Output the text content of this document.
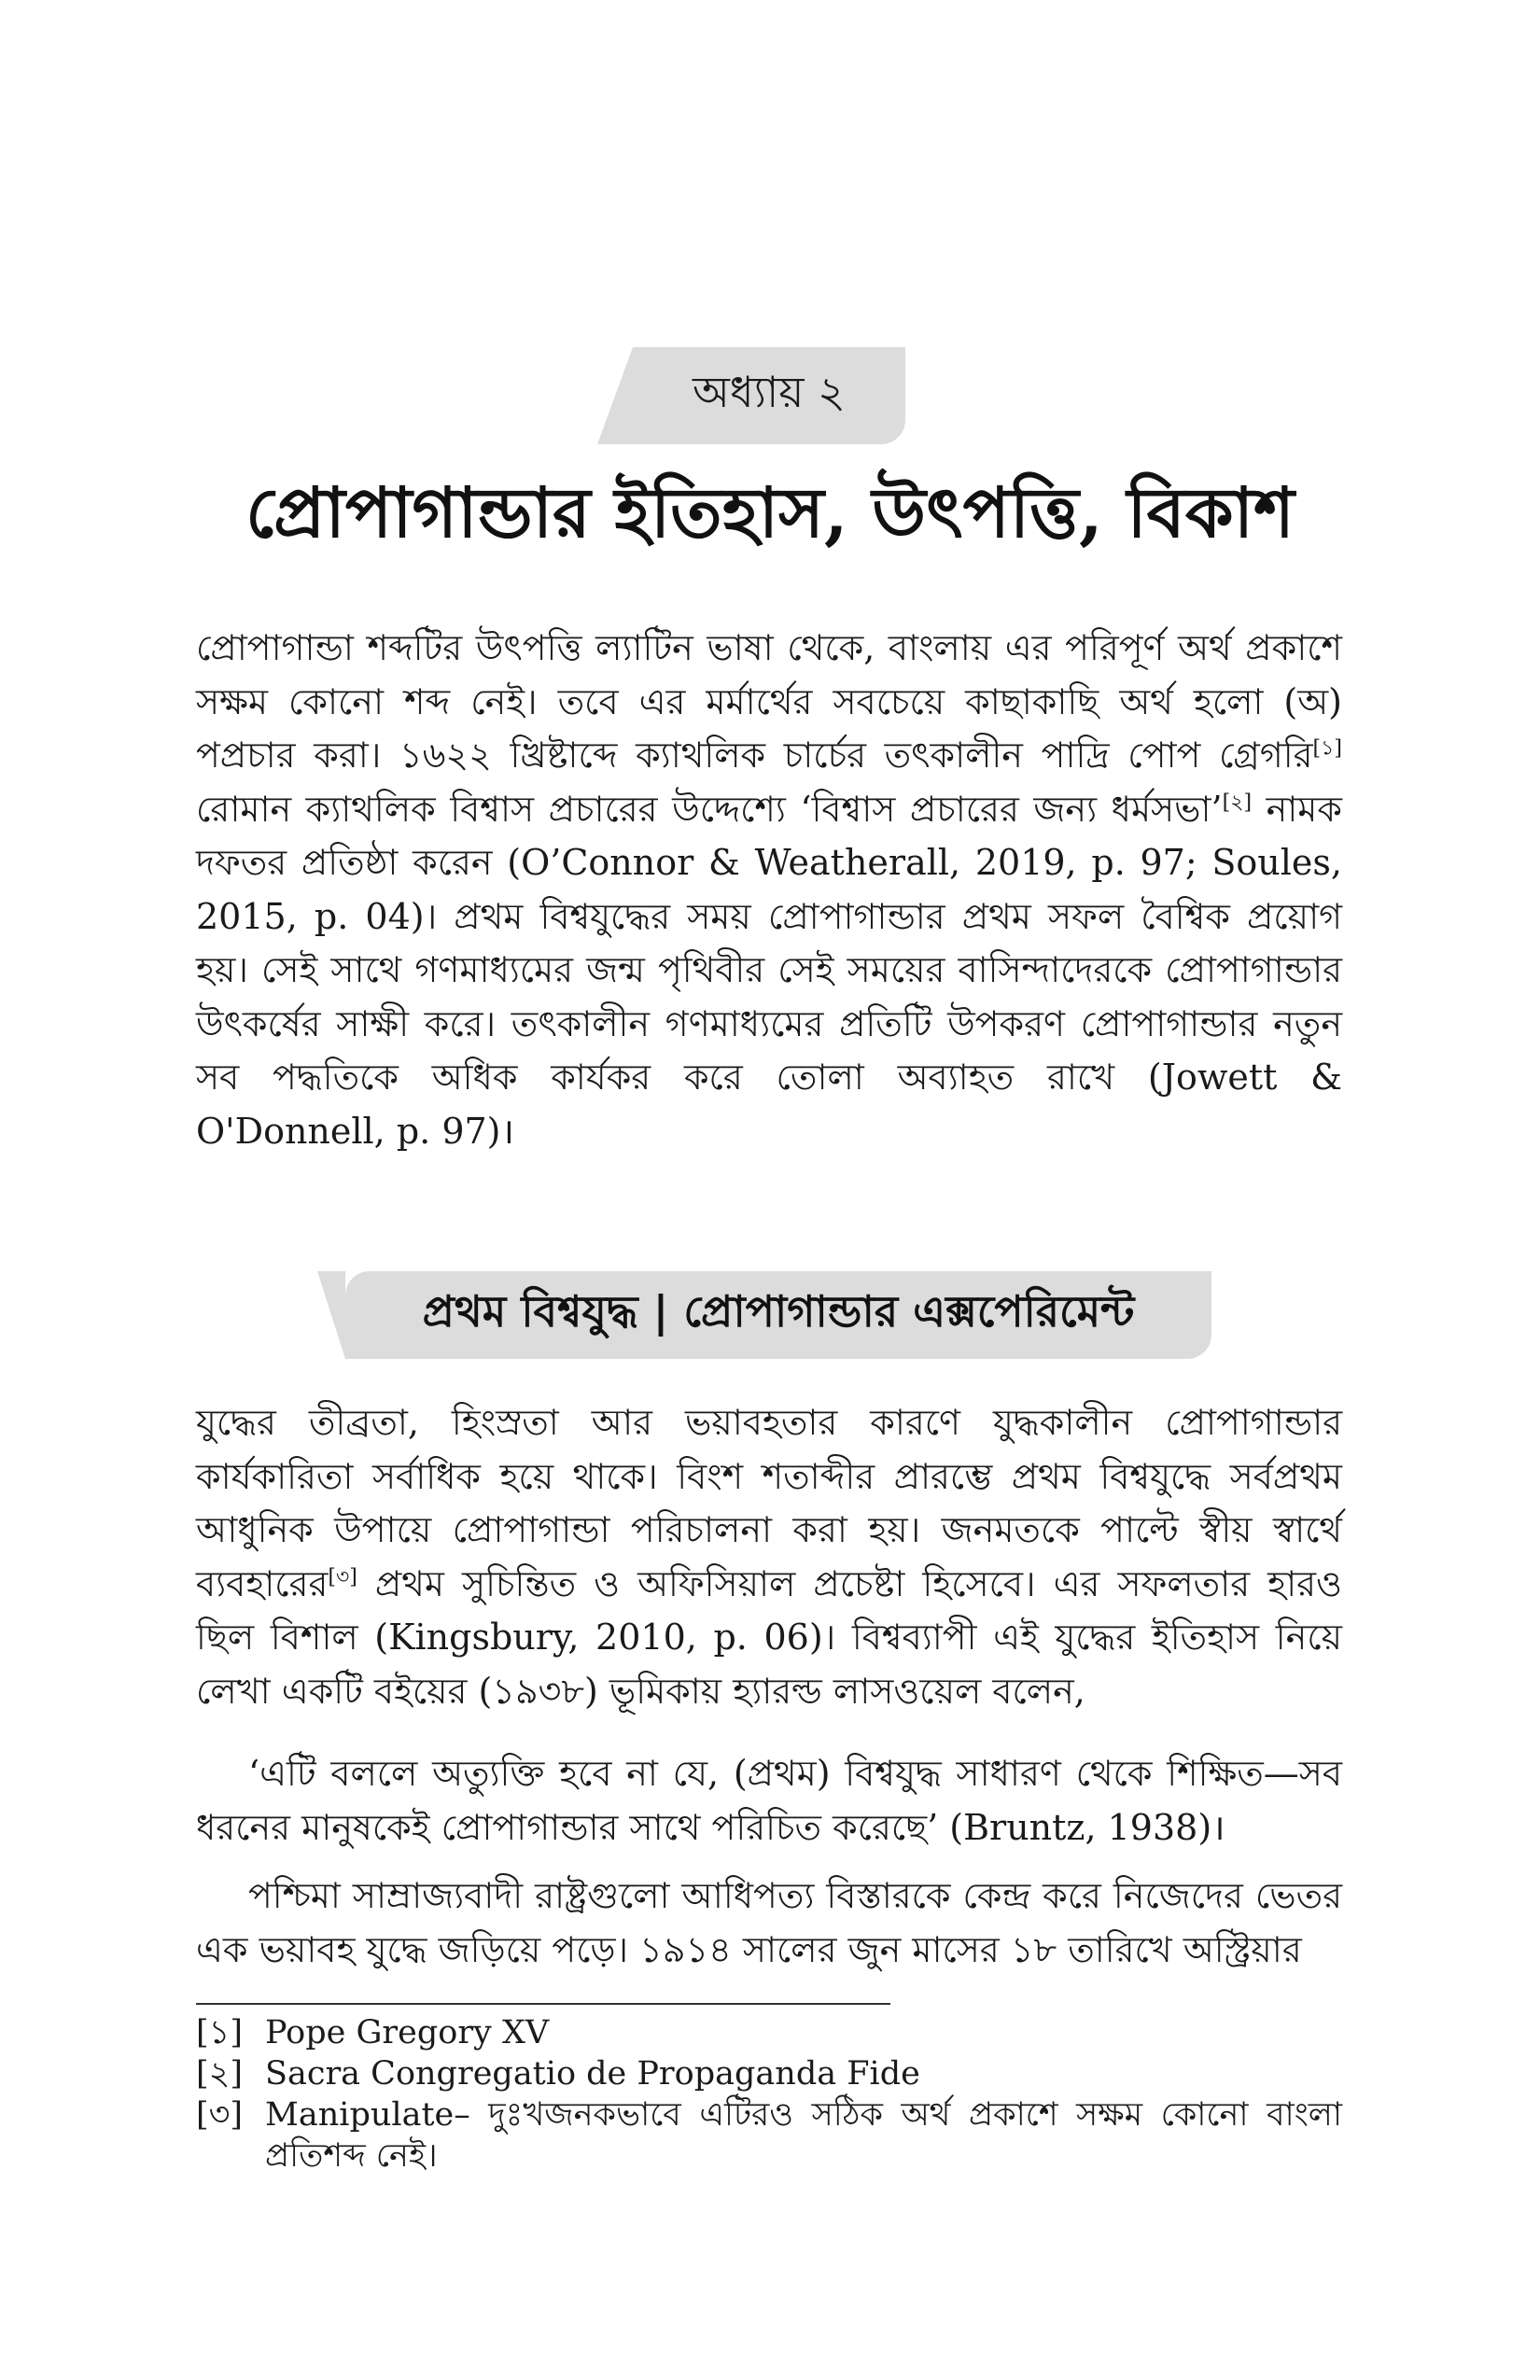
অধ্যায় ২
প্রোপাগান্ডার ইতিহাস, উৎপত্তি, বিকাশ

প্রোপাগান্ডা শব্দটির উৎপত্তি ল্যাটিন ভাষা থেকে, বাংলায় এর পরিপূর্ণ অর্থ প্রকাশে সক্ষম কোনো শব্দ নেই। তবে এর মর্মার্থের সবচেয়ে কাছাকাছি অর্থ হলো (অ) পপ্রচার করা। ১৬২২ খ্রিষ্টাব্দে ক্যাথলিক চার্চের তৎকালীন পাদ্রি পোপ গ্রেগরি[১] রোমান ক্যাথলিক বিশ্বাস প্রচারের উদ্দেশ্যে ‘বিশ্বাস প্রচারের জন্য ধর্মসভা’[২] নামক দফতর প্রতিষ্ঠা করেন (O’Connor & Weatherall, 2019, p. 97; Soules, 2015, p. 04)। প্রথম বিশ্বযুদ্ধের সময় প্রোপাগান্ডার প্রথম সফল বৈশ্বিক প্রয়োগ হয়। সেই সাথে গণমাধ্যমের জন্ম পৃথিবীর সেই সময়ের বাসিন্দাদেরকে প্রোপাগান্ডার উৎকর্ষের সাক্ষী করে। তৎকালীন গণমাধ্যমের প্রতিটি উপকরণ প্রোপাগান্ডার নতুন সব পদ্ধতিকে অধিক কার্যকর করে তোলা অব্যাহত রাখে (Jowett & O'Donnell, p. 97)।

প্রথম বিশ্বযুদ্ধ | প্রোপাগান্ডার এক্সপেরিমেন্ট

যুদ্ধের তীব্রতা, হিংস্রতা আর ভয়াবহতার কারণে যুদ্ধকালীন প্রোপাগান্ডার কার্যকারিতা সর্বাধিক হয়ে থাকে। বিংশ শতাব্দীর প্রারম্ভে প্রথম বিশ্বযুদ্ধে সর্বপ্রথম আধুনিক উপায়ে প্রোপাগান্ডা পরিচালনা করা হয়। জনমতকে পাল্টে স্বীয় স্বার্থে ব্যবহারের[৩] প্রথম সুচিন্তিত ও অফিসিয়াল প্রচেষ্টা হিসেবে। এর সফলতার হারও ছিল বিশাল (Kingsbury, 2010, p. 06)। বিশ্বব্যাপী এই যুদ্ধের ইতিহাস নিয়ে লেখা একটি বইয়ের (১৯৩৮) ভূমিকায় হ্যারল্ড লাসওয়েল বলেন,

‘এটি বললে অত্যুক্তি হবে না যে, (প্রথম) বিশ্বযুদ্ধ সাধারণ থেকে শিক্ষিত—সব ধরনের মানুষকেই প্রোপাগান্ডার সাথে পরিচিত করেছে’ (Bruntz, 1938)।

পশ্চিমা সাম্রাজ্যবাদী রাষ্ট্রগুলো আধিপত্য বিস্তারকে কেন্দ্র করে নিজেদের ভেতর এক ভয়াবহ যুদ্ধে জড়িয়ে পড়ে। ১৯১৪ সালের জুন মাসের ১৮ তারিখে অস্ট্রিয়ার

[১] Pope Gregory XV
[২] Sacra Congregatio de Propaganda Fide
[৩] Manipulate– দুঃখজনকভাবে এটিরও সঠিক অর্থ প্রকাশে সক্ষম কোনো বাংলা প্রতিশব্দ নেই।
